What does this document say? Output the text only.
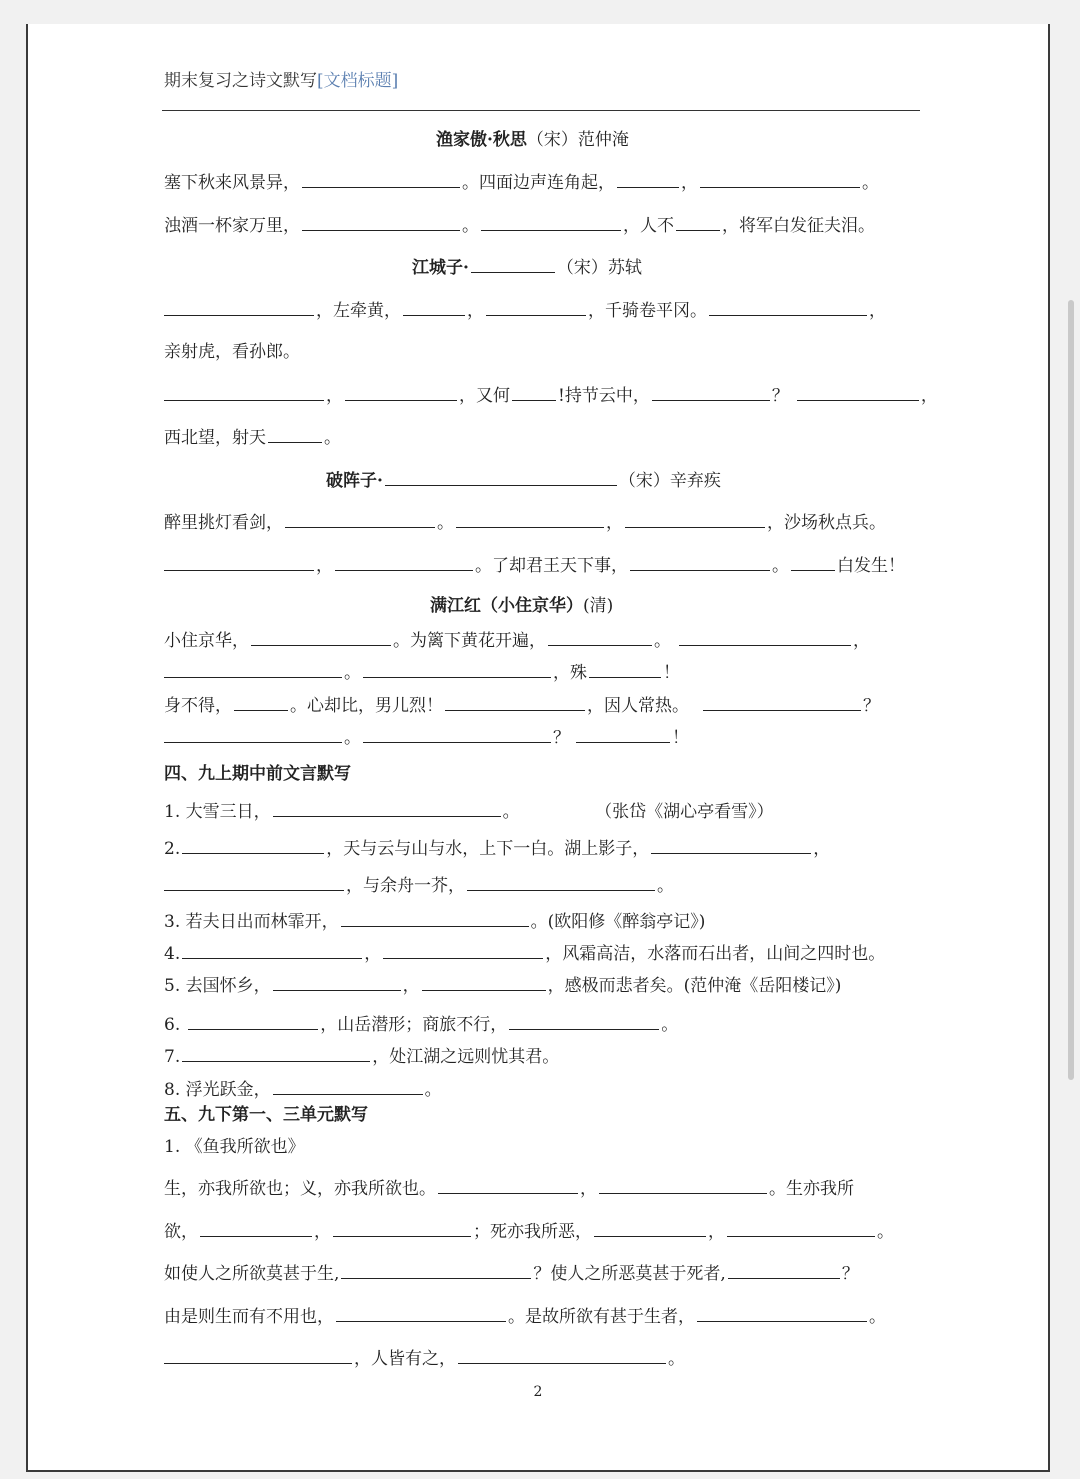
期末复习之诗文默写[文档标题]
渔家傲·秋思（宋）范仲淹
塞下秋来风景异，	。四面边声连角起，	，	。
浊酒一杯家万里，	。	，人不	，将军白发征夫泪。
江城子·	（宋）苏轼
，左牵黄，	，	，千骑卷平冈。	，
亲射虎，看孙郎。
，	，又何	!持节云中，	？	，
西北望，射天	。
破阵子·	（宋）辛弃疾
醉里挑灯看剑，	。	，	，沙场秋点兵。
，	。了却君王天下事，	。	白发生！
满江红（小住京华）(清)
小住京华，	。为篱下黄花开遍，	。	，
。	，殊	！
身不得，	。心却比，男儿烈！	，因人常热。	？
。	？	！
四、九上期中前文言默写
1. 大雪三日，	。	（张岱《湖心亭看雪》）
2.	，天与云与山与水，上下一白。湖上影子，	，
，与余舟一芥，	。
3. 若夫日出而林霏开，	。(欧阳修《醉翁亭记》)
4.	，	，风霜高洁，水落而石出者，山间之四时也。
5. 去国怀乡，	，	，感极而悲者矣。(范仲淹《岳阳楼记》)
6.	，山岳潜形；商旅不行，	。
7.	，处江湖之远则忧其君。
8. 浮光跃金，	。
五、九下第一、三单元默写
1. 《鱼我所欲也》
生，亦我所欲也；义，亦我所欲也。	，	。生亦我所
欲，	，	；死亦我所恶，	，	。
如使人之所欲莫甚于生,	？使人之所恶莫甚于死者,	？
由是则生而有不用也，	。是故所欲有甚于生者，	。
，人皆有之，	。
2
